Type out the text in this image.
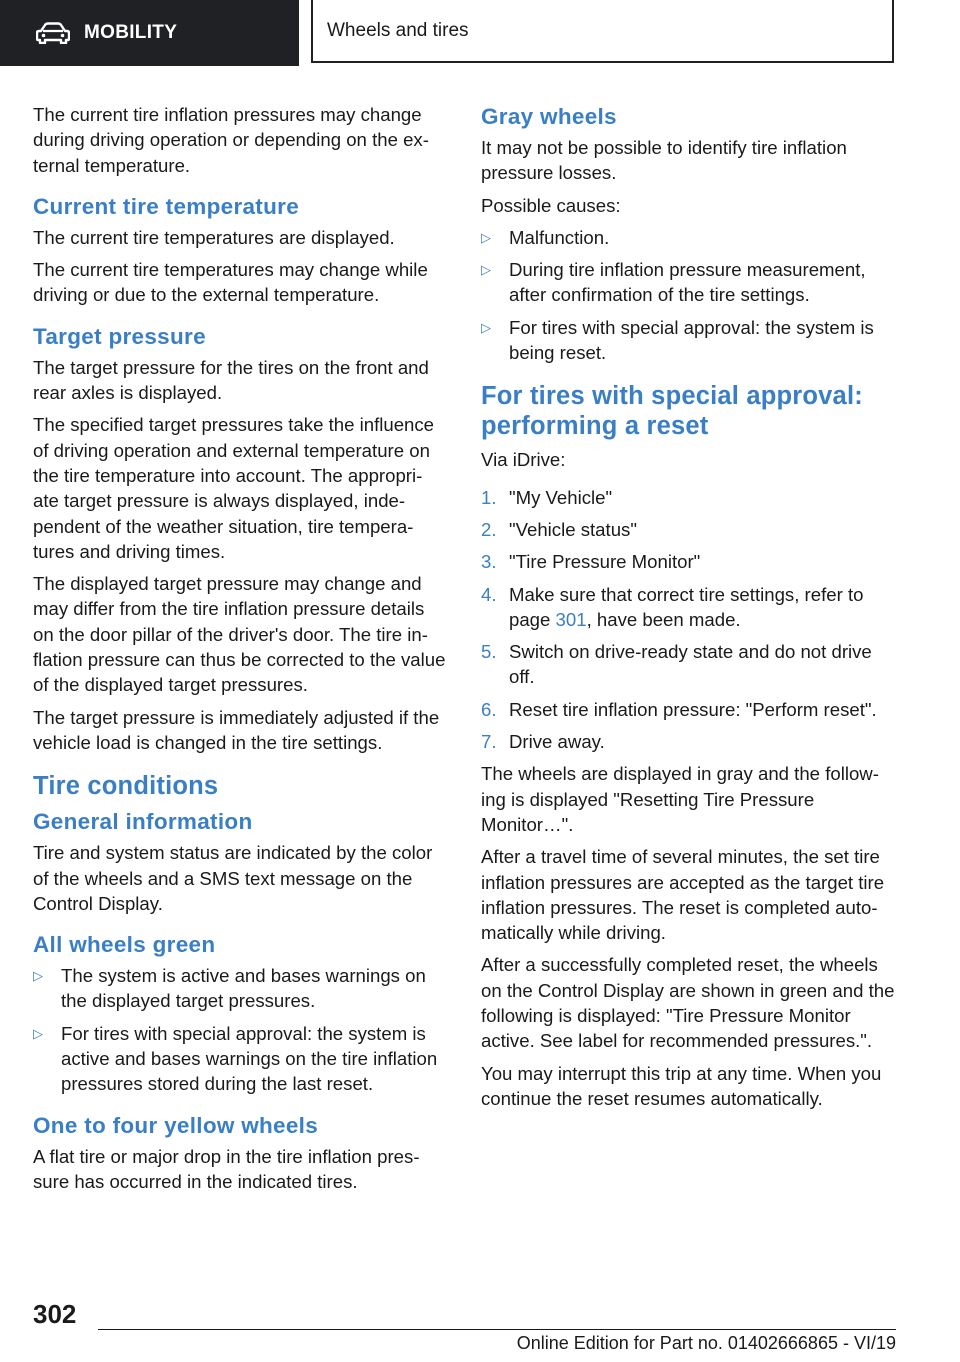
MOBILITY	Wheels and tires

The current tire inflation pressures may change during driving operation or depending on the ex‐ ternal temperature.

Current tire temperature

The current tire temperatures are displayed.

The current tire temperatures may change while driving or due to the external temperature.

Target pressure

The target pressure for the tires on the front and rear axles is displayed.

The specified target pressures take the influence of driving operation and external temperature on the tire temperature into account. The appropri‐ ate target pressure is always displayed, inde‐ pendent of the weather situation, tire tempera‐ tures and driving times.

The displayed target pressure may change and may differ from the tire inflation pressure details on the door pillar of the driver's door. The tire in‐ flation pressure can thus be corrected to the value of the displayed target pressures.

The target pressure is immediately adjusted if the vehicle load is changed in the tire settings.

Tire conditions
General information

Tire and system status are indicated by the color of the wheels and a SMS text message on the Control Display.

All wheels green
▷ The system is active and bases warnings on the displayed target pressures.
▷ For tires with special approval: the system is active and bases warnings on the tire inflation pressures stored during the last reset.
One to four yellow wheels

A flat tire or major drop in the tire inflation pres‐ sure has occurred in the indicated tires.

Gray wheels

It may not be possible to identify tire inflation pressure losses.

Possible causes:

▷ Malfunction.
▷ During tire inflation pressure measurement, after confirmation of the tire settings.
▷ For tires with special approval: the system is being reset.
For tires with special approval: performing a reset

Via iDrive:

1. "My Vehicle"
2. "Vehicle status"
3. "Tire Pressure Monitor"
4. Make sure that correct tire settings, refer to page 301, have been made.
5. Switch on drive-ready state and do not drive off.
6. Reset tire inflation pressure: "Perform reset".
7. Drive away.

The wheels are displayed in gray and the follow‐ ing is displayed "Resetting Tire Pressure Monitor…".

After a travel time of several minutes, the set tire inflation pressures are accepted as the target tire inflation pressures. The reset is completed auto‐ matically while driving.

After a successfully completed reset, the wheels on the Control Display are shown in green and the following is displayed: "Tire Pressure Monitor active. See label for recommended pressures.".

You may interrupt this trip at any time. When you continue the reset resumes automatically.

302
Online Edition for Part no. 01402666865 - VI/19
